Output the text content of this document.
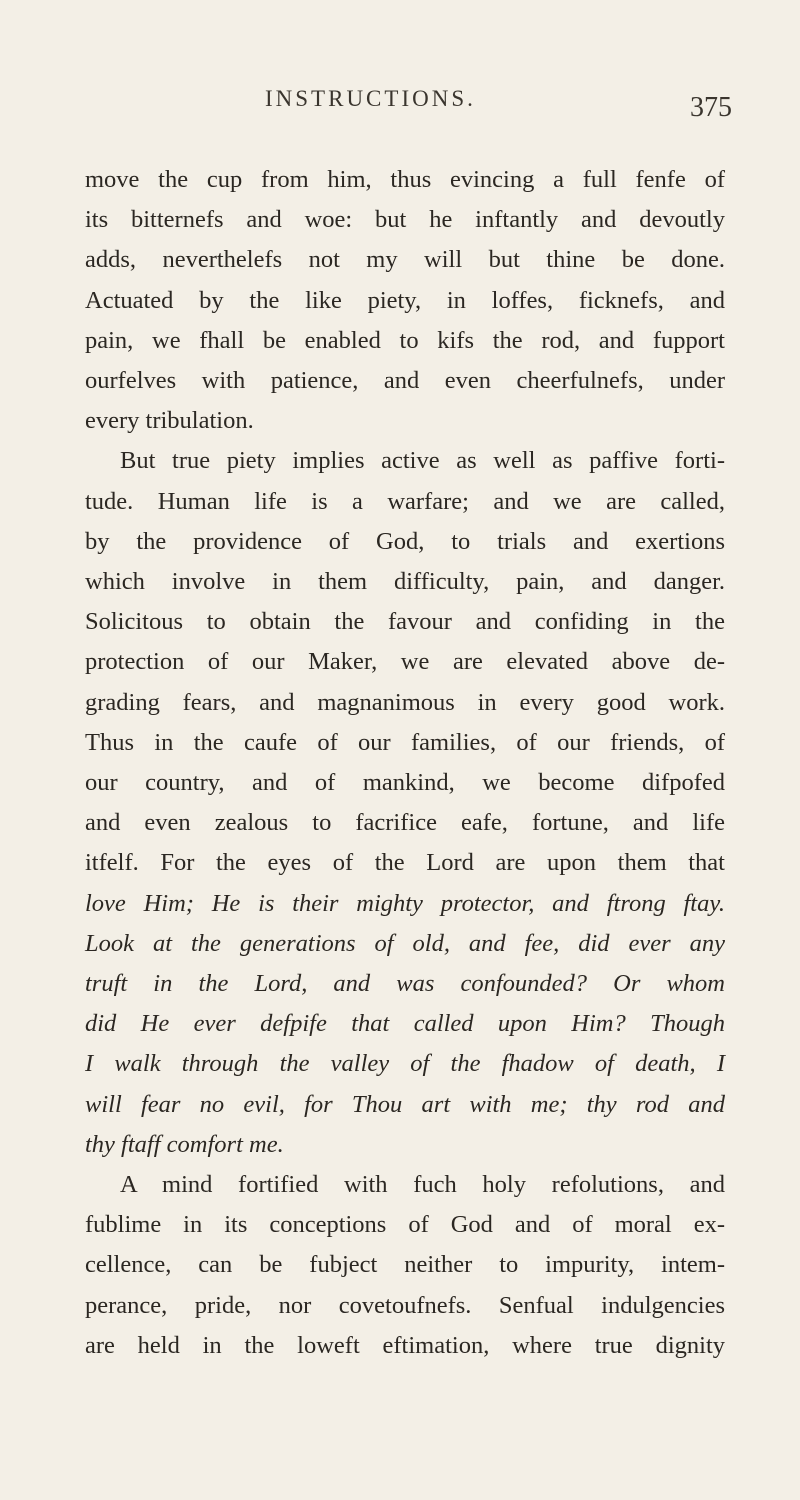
INSTRUCTIONS.	375
move the cup from him, thus evincing a full fenfe of
its bitternefs and woe: but he inftantly and devoutly
adds, neverthelefs not my will but thine be done.
Actuated by the like piety, in loffes, ficknefs, and
pain, we fhall be enabled to kifs the rod, and fupport
ourfelves with patience, and even cheerfulnefs, under
every tribulation.
But true piety implies active as well as paffive forti-
tude. Human life is a warfare; and we are called,
by the providence of God, to trials and exertions
which involve in them difficulty, pain, and danger.
Solicitous to obtain the favour and confiding in the
protection of our Maker, we are elevated above de-
grading fears, and magnanimous in every good work.
Thus in the caufe of our families, of our friends, of
our country, and of mankind, we become difpofed
and even zealous to facrifice eafe, fortune, and life
itfelf. For the eyes of the Lord are upon them that
love Him; He is their mighty protector, and ftrong ftay.
Look at the generations of old, and fee, did ever any
truft in the Lord, and was confounded? Or whom
did He ever defpife that called upon Him? Though
I walk through the valley of the fhadow of death, I
will fear no evil, for Thou art with me; thy rod and
thy ftaff comfort me.
A mind fortified with fuch holy refolutions, and
fublime in its conceptions of God and of moral ex-
cellence, can be fubject neither to impurity, intem-
perance, pride, nor covetoufnefs. Senfual indulgencies
are held in the loweft eftimation, where true dignity
